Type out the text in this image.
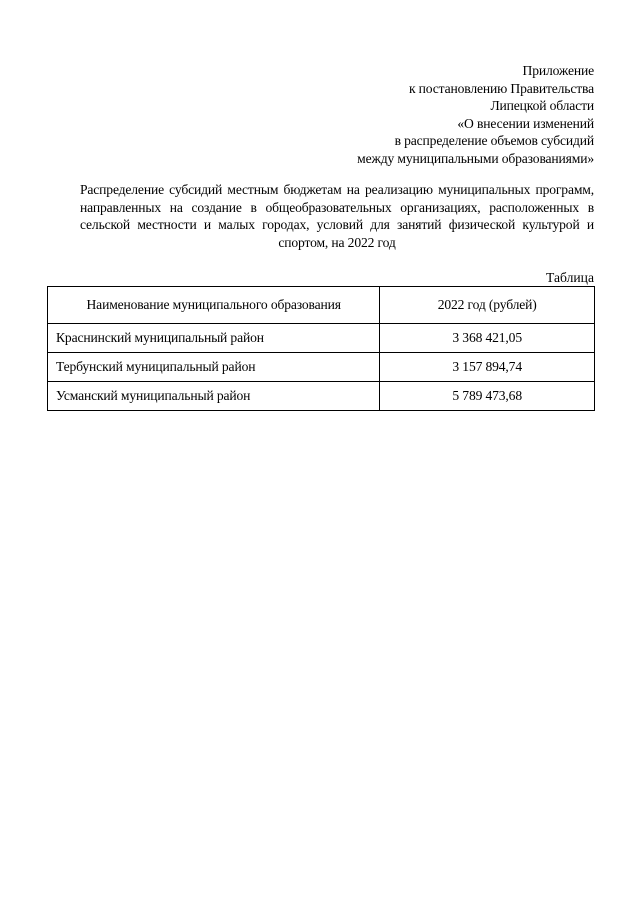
Приложение
к постановлению Правительства
Липецкой области
«О внесении изменений
в распределение объемов субсидий
между муниципальными образованиями»
Распределение субсидий местным бюджетам на реализацию муниципальных программ, направленных на создание в общеобразовательных организациях, расположенных в сельской местности и малых городах, условий для занятий физической культурой и спортом, на 2022 год
Таблица
Наименование муниципального образования	2022 год (рублей)
Краснинский муниципальный район	3 368 421,05
Тербунский муниципальный район	3 157 894,74
Усманский муниципальный район	5 789 473,68
